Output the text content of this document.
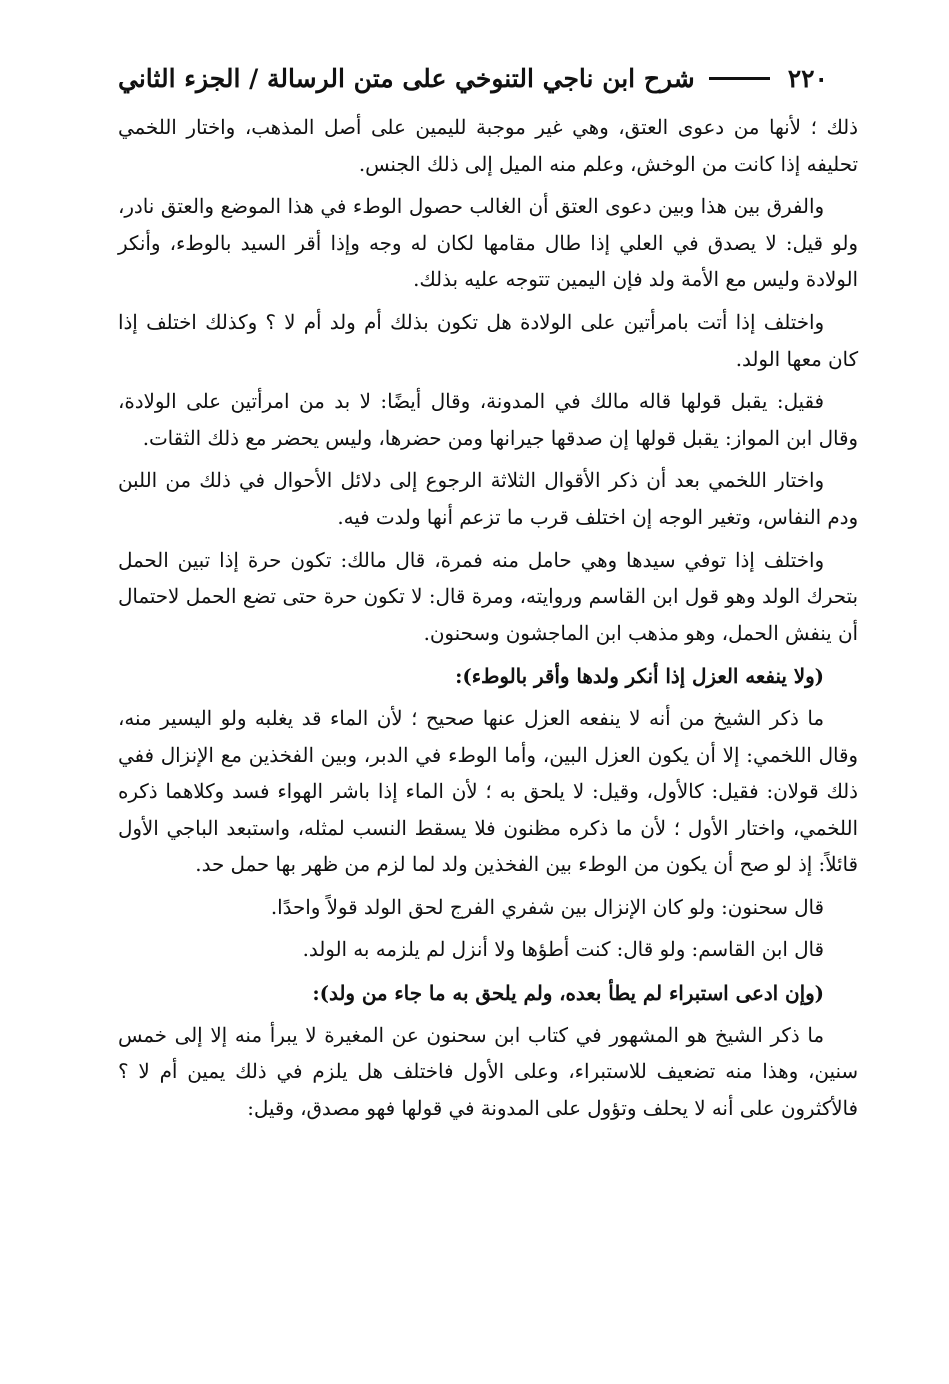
٢٢٠
شرح ابن ناجي التنوخي على متن الرسالة / الجزء الثاني

ذلك ؛ لأنها من دعوى العتق، وهي غير موجبة لليمين على أصل المذهب، واختار اللخمي تحليفه إذا كانت من الوخش، وعلم منه الميل إلى ذلك الجنس.

والفرق بين هذا وبين دعوى العتق أن الغالب حصول الوطء في هذا الموضع والعتق نادر، ولو قيل: لا يصدق في العلي إذا طال مقامها لكان له وجه وإذا أقر السيد بالوطء، وأنكر الولادة وليس مع الأمة ولد فإن اليمين تتوجه عليه بذلك.

واختلف إذا أتت بامرأتين على الولادة هل تكون بذلك أم ولد أم لا ؟ وكذلك اختلف إذا كان معها الولد.

فقيل: يقبل قولها قاله مالك في المدونة، وقال أيضًا: لا بد من امرأتين على الولادة، وقال ابن المواز: يقبل قولها إن صدقها جيرانها ومن حضرها، وليس يحضر مع ذلك الثقات.

واختار اللخمي بعد أن ذكر الأقوال الثلاثة الرجوع إلى دلائل الأحوال في ذلك من اللبن ودم النفاس، وتغير الوجه إن اختلف قرب ما تزعم أنها ولدت فيه.

واختلف إذا توفي سيدها وهي حامل منه فمرة، قال مالك: تكون حرة إذا تبين الحمل بتحرك الولد وهو قول ابن القاسم وروايته، ومرة قال: لا تكون حرة حتى تضع الحمل لاحتمال أن ينفش الحمل، وهو مذهب ابن الماجشون وسحنون.

(ولا ينفعه العزل إذا أنكر ولدها وأقر بالوطء):

ما ذكر الشيخ من أنه لا ينفعه العزل عنها صحيح ؛ لأن الماء قد يغلبه ولو اليسير منه، وقال اللخمي: إلا أن يكون العزل البين، وأما الوطء في الدبر، وبين الفخذين مع الإنزال ففي ذلك قولان: فقيل: كالأول، وقيل: لا يلحق به ؛ لأن الماء إذا باشر الهواء فسد وكلاهما ذكره اللخمي، واختار الأول ؛ لأن ما ذكره مظنون فلا يسقط النسب لمثله، واستبعد الباجي الأول قائلاً: إذ لو صح أن يكون من الوطء بين الفخذين ولد لما لزم من ظهر بها حمل حد.

قال سحنون: ولو كان الإنزال بين شفري الفرج لحق الولد قولاً واحدًا.

قال ابن القاسم: ولو قال: كنت أطؤها ولا أنزل لم يلزمه به الولد.

(وإن ادعى استبراء لم يطأ بعده، ولم يلحق به ما جاء من ولد):

ما ذكر الشيخ هو المشهور في كتاب ابن سحنون عن المغيرة لا يبرأ منه إلا إلى خمس سنين، وهذا منه تضعيف للاستبراء، وعلى الأول فاختلف هل يلزم في ذلك يمين أم لا ؟ فالأكثرون على أنه لا يحلف وتؤول على المدونة في قولها فهو مصدق، وقيل:
